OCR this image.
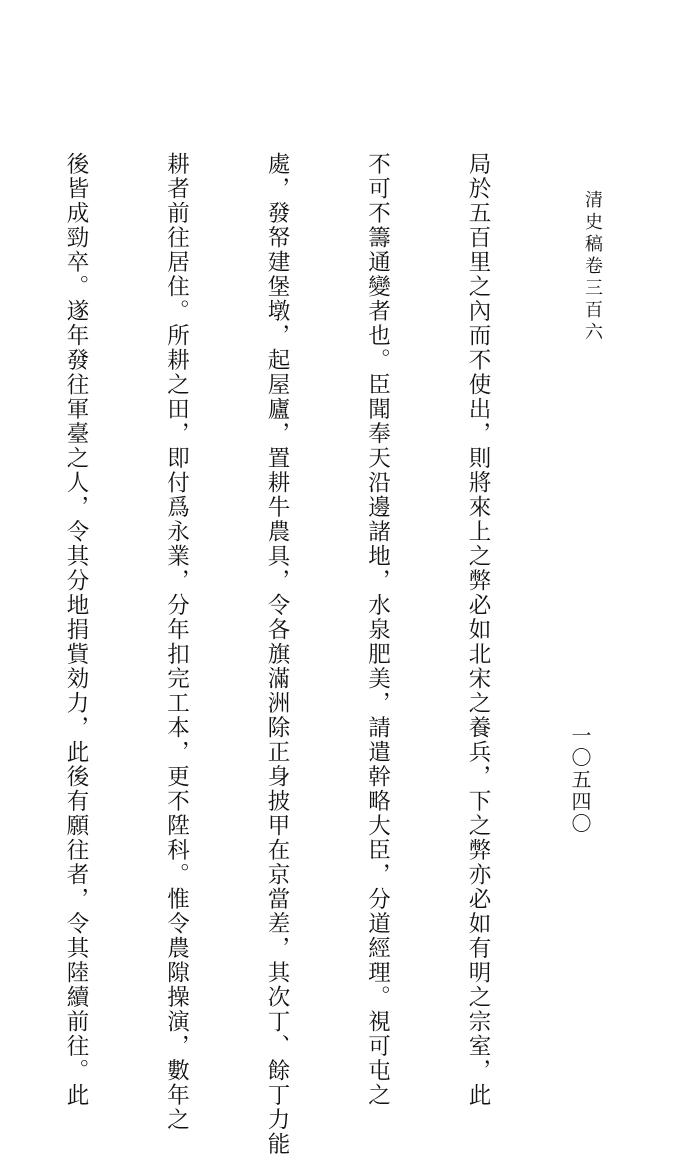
清史稿卷三百六
一〇五四〇

局於五百里之內而不使出，則將來上之弊必如北宋之養兵，下之弊亦必如有明之宗室，此

不可不籌通變者也。臣聞奉天沿邊諸地，水泉肥美，請遣幹略大臣，分道經理。視可屯之

處，發帑建堡墩，起屋廬，置耕牛農具，令各旗滿洲除正身披甲在京當差，其次丁、餘丁力能

耕者前往居住。所耕之田，即付爲永業，分年扣完工本，更不陞科。惟令農隙操演，數年之

後皆成勁卒。遂年發往軍臺之人，令其分地捐貲効力，此後有願往者，令其陸續前往。此
